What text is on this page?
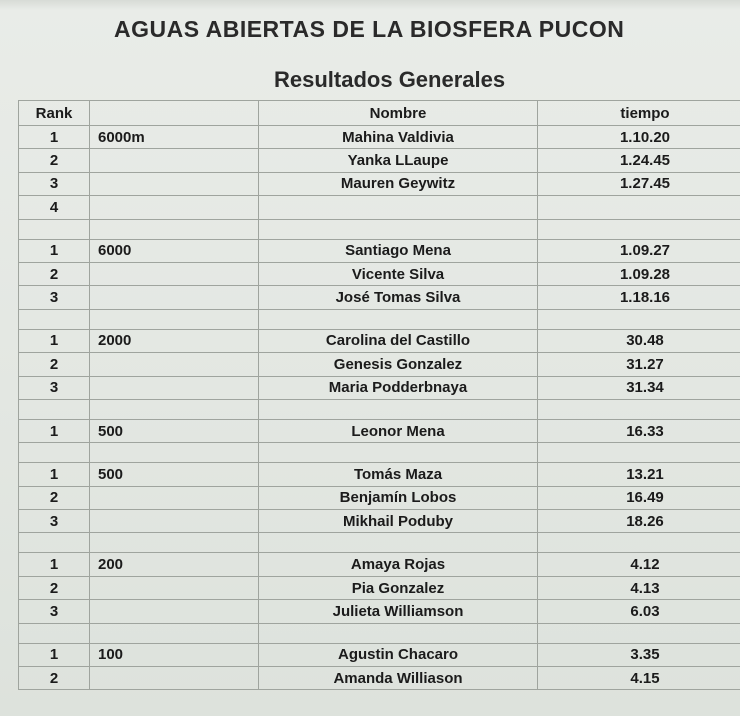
AGUAS ABIERTAS DE LA BIOSFERA PUCON
Resultados Generales
Rank		Nombre	tiempo
1	6000m	Mahina Valdivia	1.10.20
2		Yanka LLaupe	1.24.45
3		Mauren Geywitz	1.27.45
4			

1	6000	Santiago Mena	1.09.27
2		Vicente Silva	1.09.28
3		José Tomas Silva	1.18.16

1	2000	Carolina del Castillo	30.48
2		Genesis Gonzalez	31.27
3		Maria Podderbnaya	31.34

1	500	Leonor Mena	16.33

1	500	Tomás Maza	13.21
2		Benjamín Lobos	16.49
3		Mikhail Poduby	18.26

1	200	Amaya Rojas	4.12
2		Pia Gonzalez	4.13
3		Julieta Williamson	6.03

1	100	Agustin Chacaro	3.35
2		Amanda Williason	4.15
